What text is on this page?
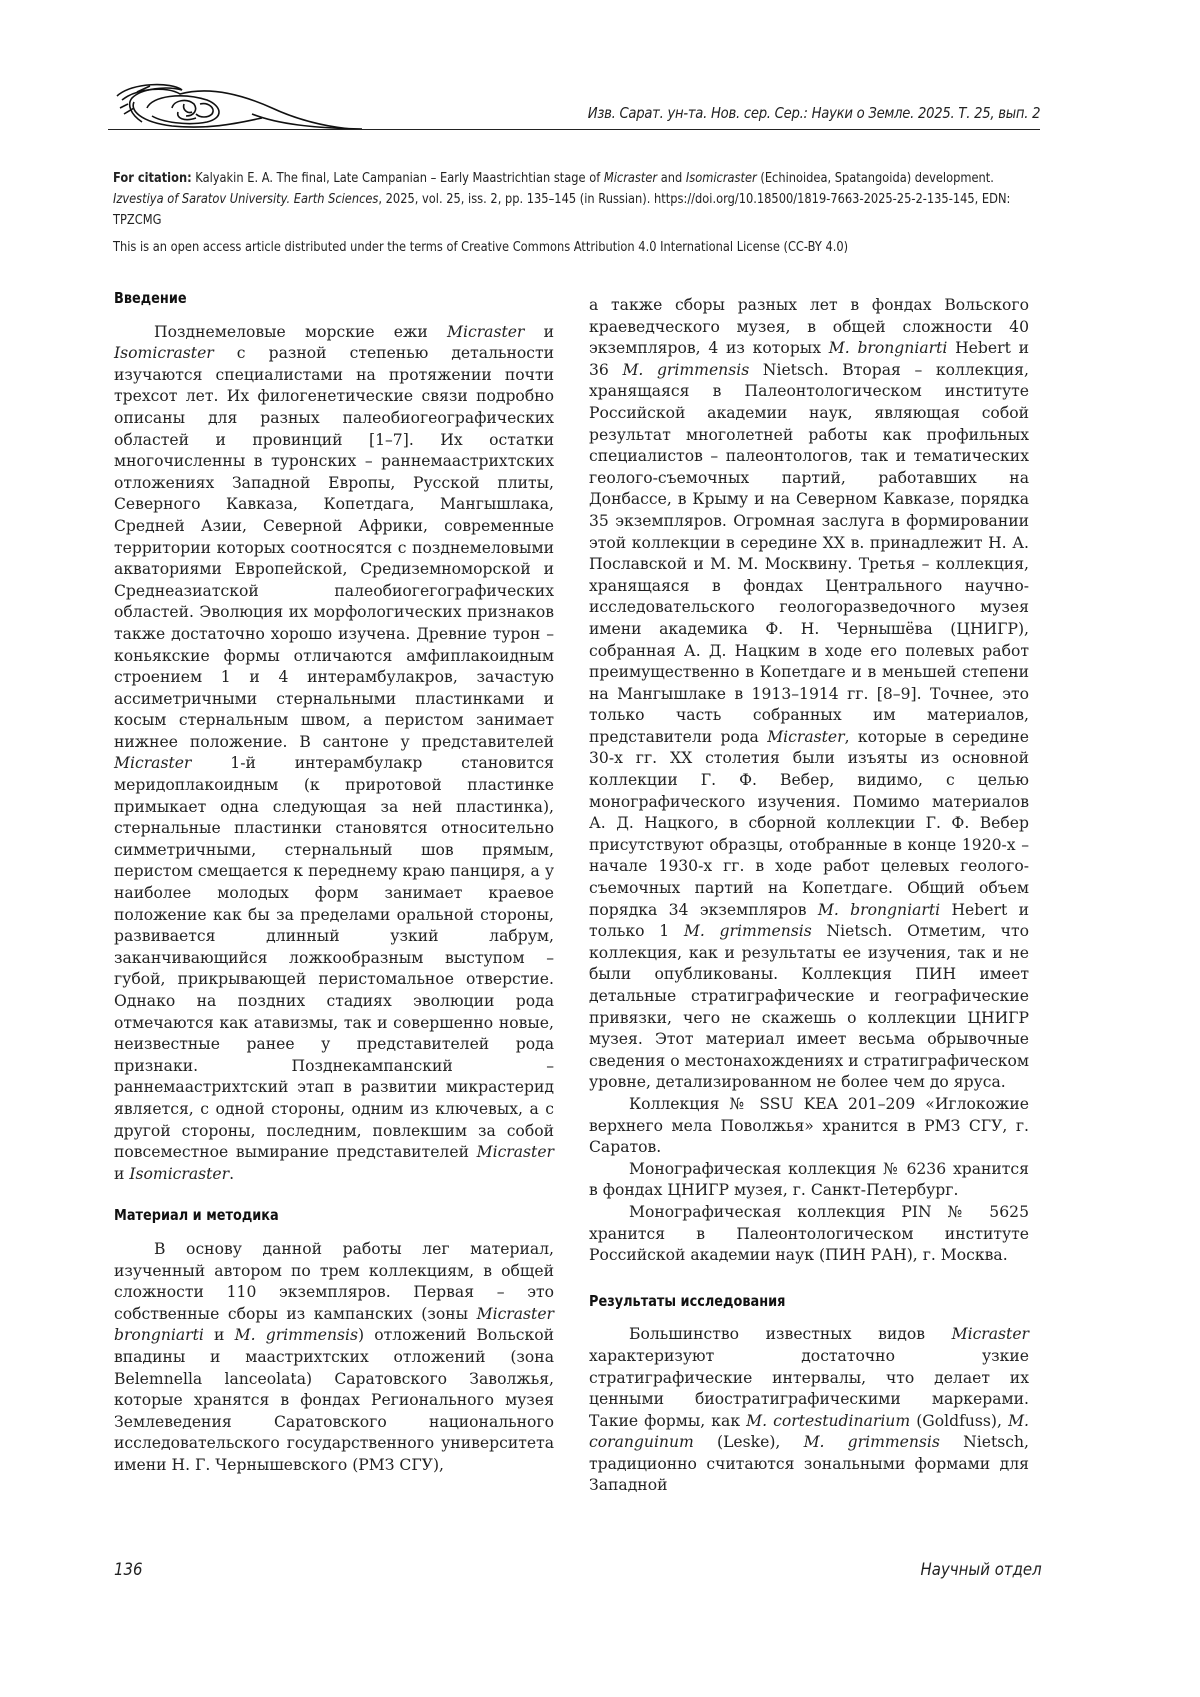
Изв. Сарат. ун-та. Нов. сер. Сер.: Науки о Земле. 2025. Т. 25, вып. 2

For citation: Kalyakin E. A. The final, Late Campanian – Early Maastrichtian stage of Micraster and Isomicraster (Echinoidea, Spatangoida) development. Izvestiya of Saratov University. Earth Sciences, 2025, vol. 25, iss. 2, pp. 135–145 (in Russian). https://doi.org/10.18500/1819-7663-2025-25-2-135-145, EDN: TPZCMG

This is an open access article distributed under the terms of Creative Commons Attribution 4.0 International License (CC-BY 4.0)
Введение

Позднемеловые морские ежи Micraster и Isomicraster с разной степенью детальности изучаются специалистами на протяжении почти трехсот лет. Их филогенетические связи подробно описаны для разных палеобиогеографических областей и провинций [1–7]. Их остатки многочисленны в туронских – раннемаастрихтских отложениях Западной Европы, Русской плиты, Северного Кавказа, Копетдага, Мангышлака, Средней Азии, Северной Африки, современные территории которых соотносятся с позднемеловыми акваториями Европейской, Средиземноморской и Среднеазиатской палеобиогегографических областей. Эволюция их морфологических признаков также достаточно хорошо изучена. Древние турон – коньякские формы отличаются амфиплакоидным строением 1 и 4 интерамбулакров, зачастую ассиметричными стернальными пластинками и косым стернальным швом, а перистом занимает нижнее положение. В сантоне у представителей Micraster 1-й интерамбулакр становится меридоплакоидным (к приротовой пластинке примыкает одна следующая за ней пластинка), стернальные пластинки становятся относительно симметричными, стернальный шов прямым, перистом смещается к переднему краю панциря, а у наиболее молодых форм занимает краевое положение как бы за пределами оральной стороны, развивается длинный узкий лабрум, заканчивающийся ложкообразным выступом – губой, прикрывающей перистомальное отверстие. Однако на поздних стадиях эволюции рода отмечаются как атавизмы, так и совершенно новые, неизвестные ранее у представителей рода признаки. Позднекампанский – раннемаастрихтский этап в развитии микрастерид является, с одной стороны, одним из ключевых, а с другой стороны, последним, повлекшим за собой повсеместное вымирание представителей Micraster и Isomicraster.

Материал и методика

В основу данной работы лег материал, изученный автором по трем коллекциям, в общей сложности 110 экземпляров. Первая – это собственные сборы из кампанских (зоны Micraster brongniarti и M. grimmensis) отложений Вольской впадины и маастрихтских отложений (зона Belemnella lanceolata) Саратовского Заволжья, которые хранятся в фондах Регионального музея Землеведения Саратовского национального исследовательского государственного университета имени Н. Г. Чернышевского (РМЗ СГУ),

а также сборы разных лет в фондах Вольского краеведческого музея, в общей сложности 40 экземпляров, 4 из которых M. brongniarti Hebert и 36 M. grimmensis Nietsch. Вторая – коллекция, хранящаяся в Палеонтологическом институте Российской академии наук, являющая собой результат многолетней работы как профильных специалистов – палеонтологов, так и тематических геолого-съемочных партий, работавших на Донбассе, в Крыму и на Северном Кавказе, порядка 35 экземпляров. Огромная заслуга в формировании этой коллекции в середине XX в. принадлежит Н. А. Пославской и М. М. Москвину. Третья – коллекция, хранящаяся в фондах Центрального научно-исследовательского геологоразведочного музея имени академика Ф. Н. Чернышёва (ЦНИГР), собранная А. Д. Нацким в ходе его полевых работ преимущественно в Копетдаге и в меньшей степени на Мангышлаке в 1913–1914 гг. [8–9]. Точнее, это только часть собранных им материалов, представители рода Micraster, которые в середине 30-х гг. XX столетия были изъяты из основной коллекции Г. Ф. Вебер, видимо, с целью монографического изучения. Помимо материалов А. Д. Нацкого, в сборной коллекции Г. Ф. Вебер присутствуют образцы, отобранные в конце 1920-х – начале 1930-х гг. в ходе работ целевых геолого-съемочных партий на Копетдаге. Общий объем порядка 34 экземпляров M. brongniarti Hebert и только 1 M. grimmensis Nietsch. Отметим, что коллекция, как и результаты ее изучения, так и не были опубликованы. Коллекция ПИН имеет детальные стратиграфические и географические привязки, чего не скажешь о коллекции ЦНИГР музея. Этот материал имеет весьма обрывочные сведения о местонахождениях и стратиграфическом уровне, детализированном не более чем до яруса.

Коллекция № SSU KEA 201–209 «Иглокожие верхнего мела Поволжья» хранится в РМЗ СГУ, г. Саратов.

Монографическая коллекция № 6236 хранится в фондах ЦНИГР музея, г. Санкт-Петербург.

Монографическая коллекция PIN № 5625 хранится в Палеонтологическом институте Российской академии наук (ПИН РАН), г. Москва.

Результаты исследования

Большинство известных видов Micraster характеризуют достаточно узкие стратиграфические интервалы, что делает их ценными биостратиграфическими маркерами. Такие формы, как M. cortestudinarium (Goldfuss), M. coranguinum (Leske), M. grimmensis Nietsch, традиционно считаются зональными формами для Западной

136	Научный отдел
